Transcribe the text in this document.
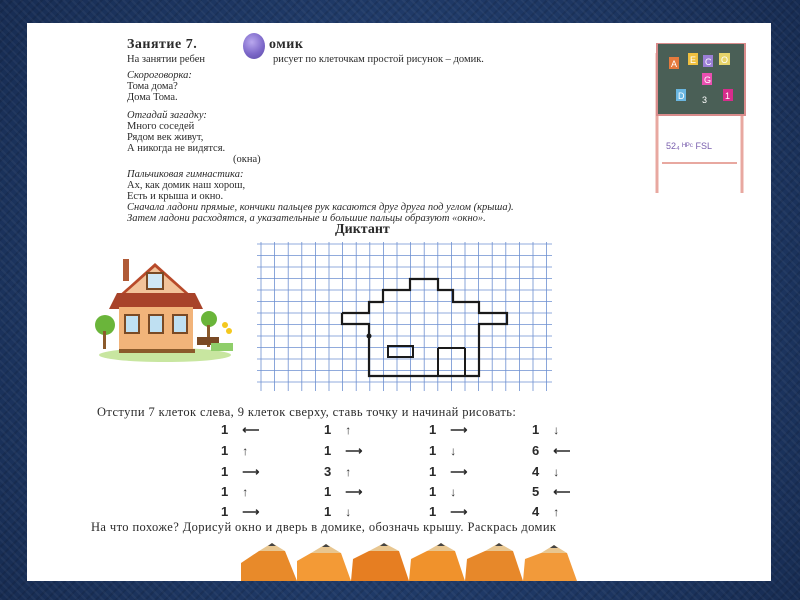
Занятие 7.	омик
На занятии ребен	рисует по клеточкам простой рисунок – домик.
Скороговорка:
Тома дома?
Дома Тома.
Отгадай загадку:
Много соседей
Рядом век живут,
А никогда не видятся.
(окна)
Пальчиковая гимнастика:
Ах, как домик наш хорош,
Есть и крыша и окно.
Сначала ладони прямые, кончики пальцев рук касаются друг друга под углом (крыша).
Затем ладони расходятся, а указательные и большие пальцы образуют «окно».
А Е С О
G
D 3 1
52₄ ᴴᴾᶜ FSL
Диктант
Отступи 7 клеток слева, 9 клеток сверху, ставь точку и начинай рисовать:
1 ⟵
1 ↑
1 ⟶
1 ↑
1 ⟶
1 ↑
1 ⟶
3 ↑
1 ⟶
1 ↓
1 ⟶
1 ↓
1 ⟶
1 ↓
1 ⟶
1 ↓
6 ⟵
4 ↓
5 ⟵
4 ↑
На что похоже? Дорисуй окно и дверь в домике, обозначь крышу. Раскрась домик
